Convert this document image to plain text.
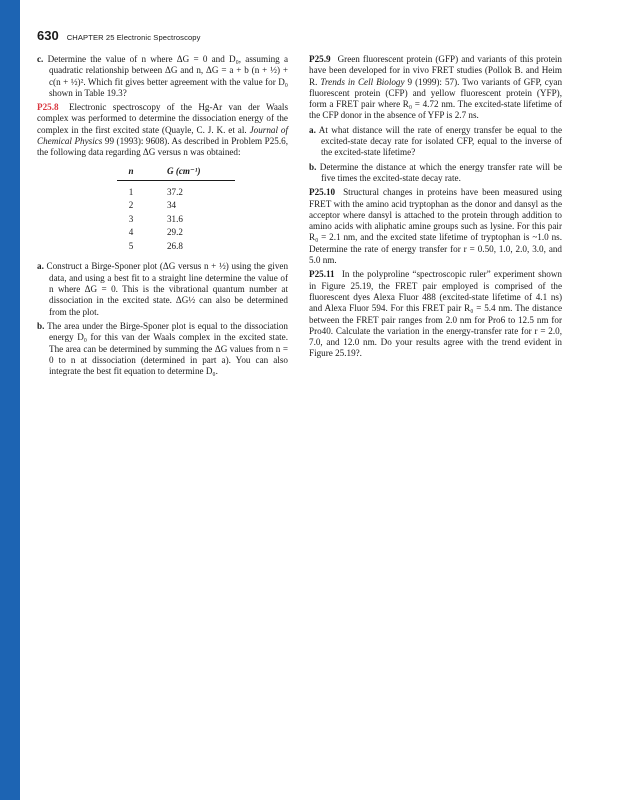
630 CHAPTER 25 Electronic Spectroscopy

c. Determine the value of n where ΔG = 0 and D₀, assuming a quadratic relationship between ΔG and n, ΔG = a + b (n + ½) + c(n + ½)². Which fit gives better agreement with the value for D₀ shown in Table 19.3?

P25.8 Electronic spectroscopy of the Hg-Ar van der Waals complex was performed to determine the dissociation energy of the complex in the first excited state (Quayle, C. J. K. et al. Journal of Chemical Physics 99 (1993): 9608). As described in Problem P25.6, the following data regarding ΔG versus n was obtained:

n	G (cm⁻¹)

1	37.2
2	34
3	31.6
4	29.2
5	26.8

a. Construct a Birge-Sponer plot (ΔG versus n + ½) using the given data, and using a best fit to a straight line determine the value of n where ΔG = 0. This is the vibrational quantum number at dissociation in the excited state. ΔG½ can also be determined from the plot.

b. The area under the Birge-Sponer plot is equal to the dissociation energy D₀ for this van der Waals complex in the excited state. The area can be determined by summing the ΔG values from n = 0 to n at dissociation (determined in part a). You can also integrate the best fit equation to determine D₀.

P25.9 Green fluorescent protein (GFP) and variants of this protein have been developed for in vivo FRET studies (Pollok B. and Heim R. Trends in Cell Biology 9 (1999): 57). Two variants of GFP, cyan fluorescent protein (CFP) and yellow fluorescent protein (YFP), form a FRET pair where R₀ = 4.72 nm. The excited-state lifetime of the CFP donor in the absence of YFP is 2.7 ns.

a. At what distance will the rate of energy transfer be equal to the excited-state decay rate for isolated CFP, equal to the inverse of the excited-state lifetime?

b. Determine the distance at which the energy transfer rate will be five times the excited-state decay rate.

P25.10 Structural changes in proteins have been measured using FRET with the amino acid tryptophan as the donor and dansyl as the acceptor where dansyl is attached to the protein through addition to amino acids with aliphatic amine groups such as lysine. For this pair R₀ = 2.1 nm, and the excited state lifetime of tryptophan is ~1.0 ns. Determine the rate of energy transfer for r = 0.50, 1.0, 2.0, 3.0, and 5.0 nm.

P25.11 In the polyproline “spectroscopic ruler” experiment shown in Figure 25.19, the FRET pair employed is comprised of the fluorescent dyes Alexa Fluor 488 (excited-state lifetime of 4.1 ns) and Alexa Fluor 594. For this FRET pair R₀ = 5.4 nm. The distance between the FRET pair ranges from 2.0 nm for Pro6 to 12.5 nm for Pro40. Calculate the variation in the energy-transfer rate for r = 2.0, 7.0, and 12.0 nm. Do your results agree with the trend evident in Figure 25.19?.
